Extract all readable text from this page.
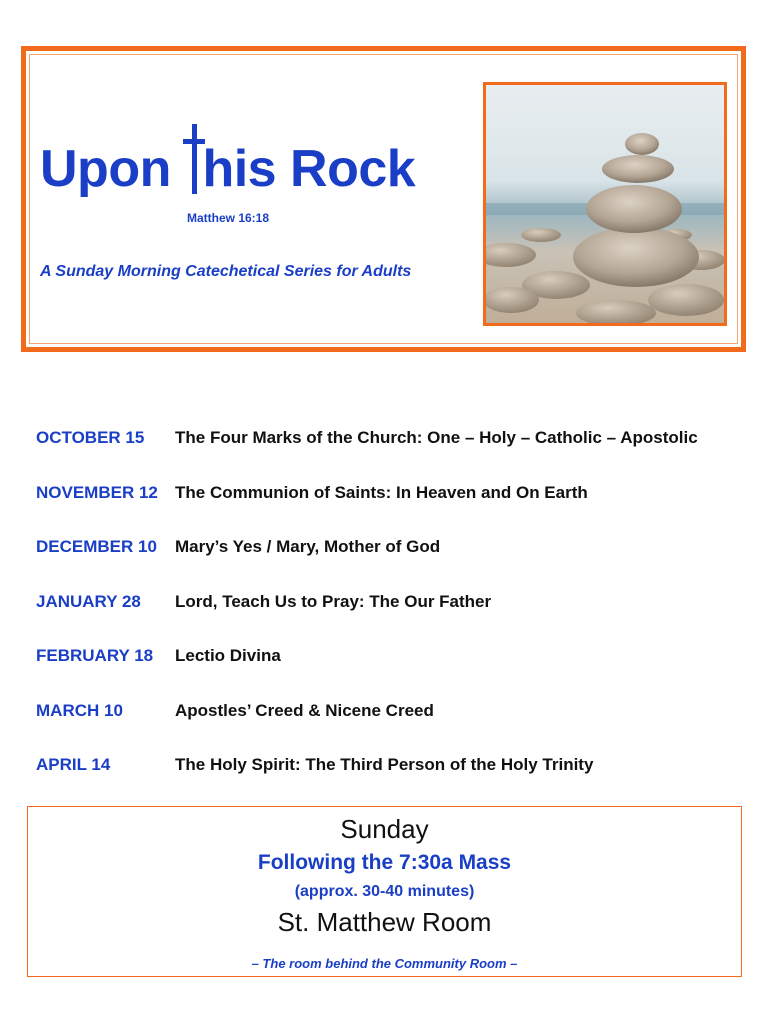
Upon his Rock
Matthew 16:18
A Sunday Morning Catechetical Series for Adults
OCTOBER 15 The Four Marks of the Church: One – Holy – Catholic – Apostolic
NOVEMBER 12 The Communion of Saints: In Heaven and On Earth
DECEMBER 10 Mary’s Yes / Mary, Mother of God
JANUARY 28 Lord, Teach Us to Pray: The Our Father
FEBRUARY 18 Lectio Divina
MARCH 10	Apostles’ Creed & Nicene Creed
APRIL 14	The Holy Spirit: The Third Person of the Holy Trinity
Sunday
Following the 7:30a Mass
(approx. 30-40 minutes)
St. Matthew Room
– The room behind the Community Room –
